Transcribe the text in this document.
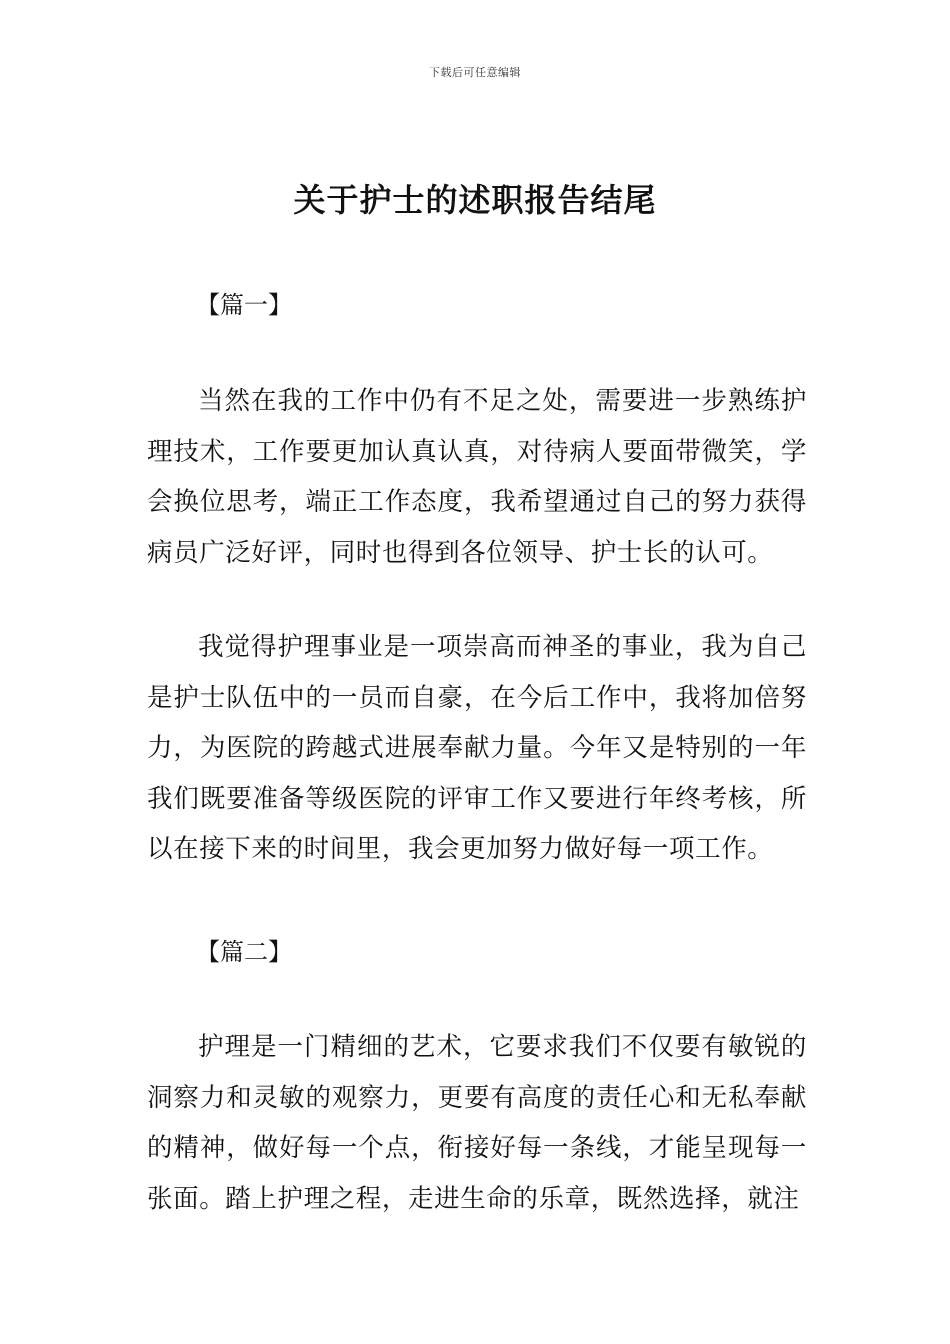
下载后可任意编辑
关于护士的述职报告结尾
【篇一】

当然在我的工作中仍有不足之处，需要进一步熟练护理技术，工作要更加认真认真，对待病人要面带微笑，学会换位思考，端正工作态度，我希望通过自己的努力获得病员广泛好评，同时也得到各位领导、护士长的认可。

我觉得护理事业是一项崇高而神圣的事业，我为自己是护士队伍中的一员而自豪，在今后工作中，我将加倍努力，为医院的跨越式进展奉献力量。今年又是特别的一年我们既要准备等级医院的评审工作又要进行年终考核，所以在接下来的时间里，我会更加努力做好每一项工作。

【篇二】

护理是一门精细的艺术，它要求我们不仅要有敏锐的洞察力和灵敏的观察力，更要有高度的责任心和无私奉献的精神，做好每一个点，衔接好每一条线，才能呈现每一张面。踏上护理之程，走进生命的乐章，既然选择，就注
